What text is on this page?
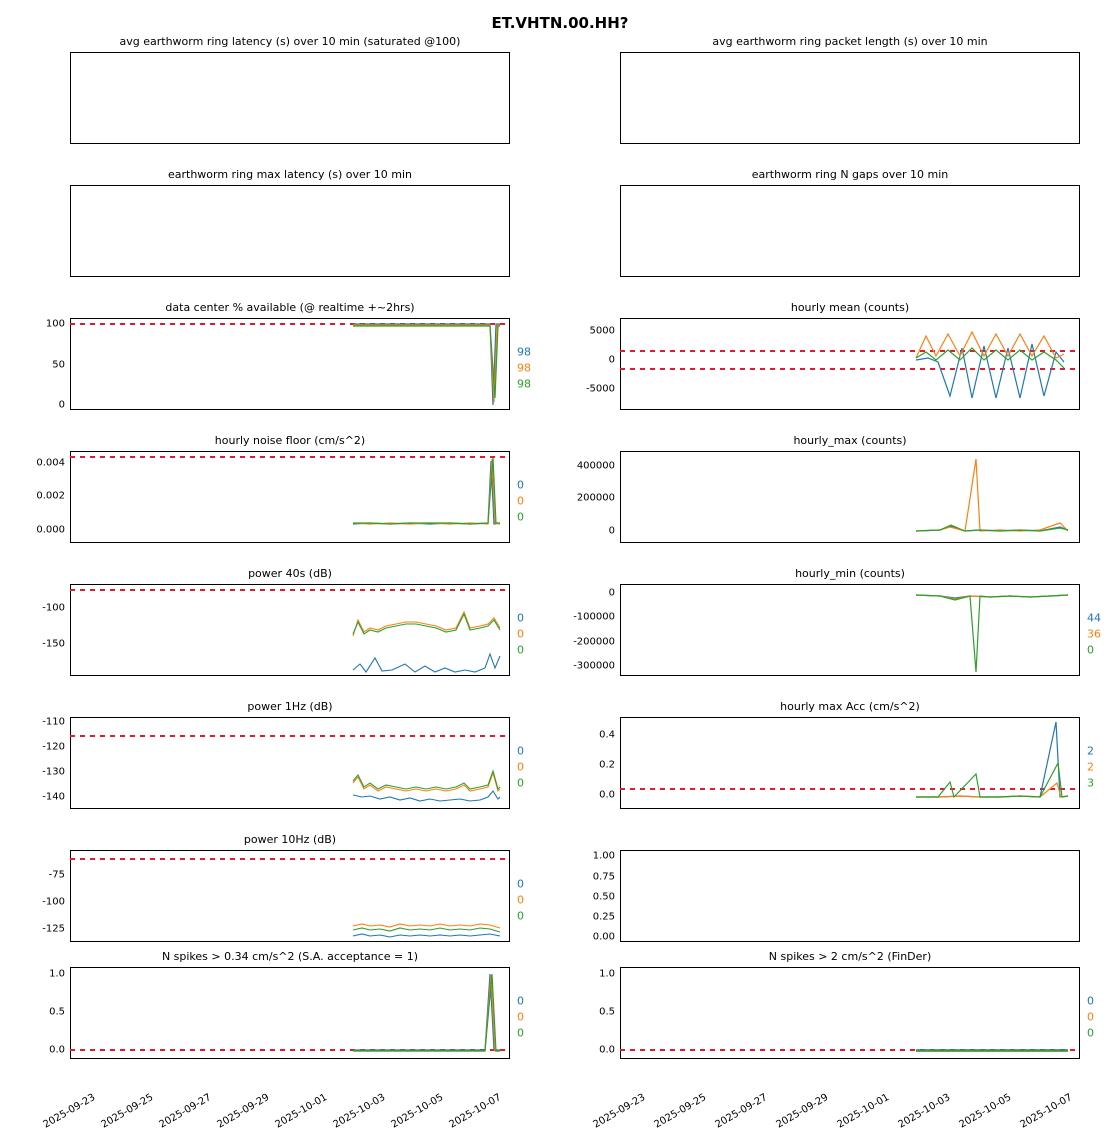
ET.VHTN.00.HH?
avg earthworm ring latency (s) over 10 min (saturated @100)
earthworm ring max latency (s) over 10 min
data center % available (@ realtime +~2hrs)
100
50
0
98
98
98
hourly noise floor (cm/s^2)
0.004
0.002
0.000
0
0
0
power 40s (dB)
-150
-100
0
0
0
power 1Hz (dB)
-140
-130
-120
-110
0
0
0
power 10Hz (dB)
-125
-100
-75
0
0
0
N spikes > 0.34 cm/s^2 (S.A. acceptance = 1)
0.0
0.5
1.0
0
0
0
2025-09-23 2025-09-25 2025-09-27 2025-09-29 2025-10-01 2025-10-03 2025-10-05 2025-10-07
avg earthworm ring packet length (s) over 10 min
earthworm ring N gaps over 10 min
hourly mean (counts)
5000
0
-5000
hourly_max (counts)
400000
200000
0
hourly_min (counts)
0
-100000
-200000
-300000
44
36
0
hourly max Acc (cm/s^2)
0.4
0.2
0.0
2
2
3
1.00
0.75
0.50
0.25
0.00
N spikes > 2 cm/s^2 (FinDer)
0.0
0.5
1.0
0
0
0
2025-09-23 2025-09-25 2025-09-27 2025-09-29 2025-10-01 2025-10-03 2025-10-05 2025-10-07
